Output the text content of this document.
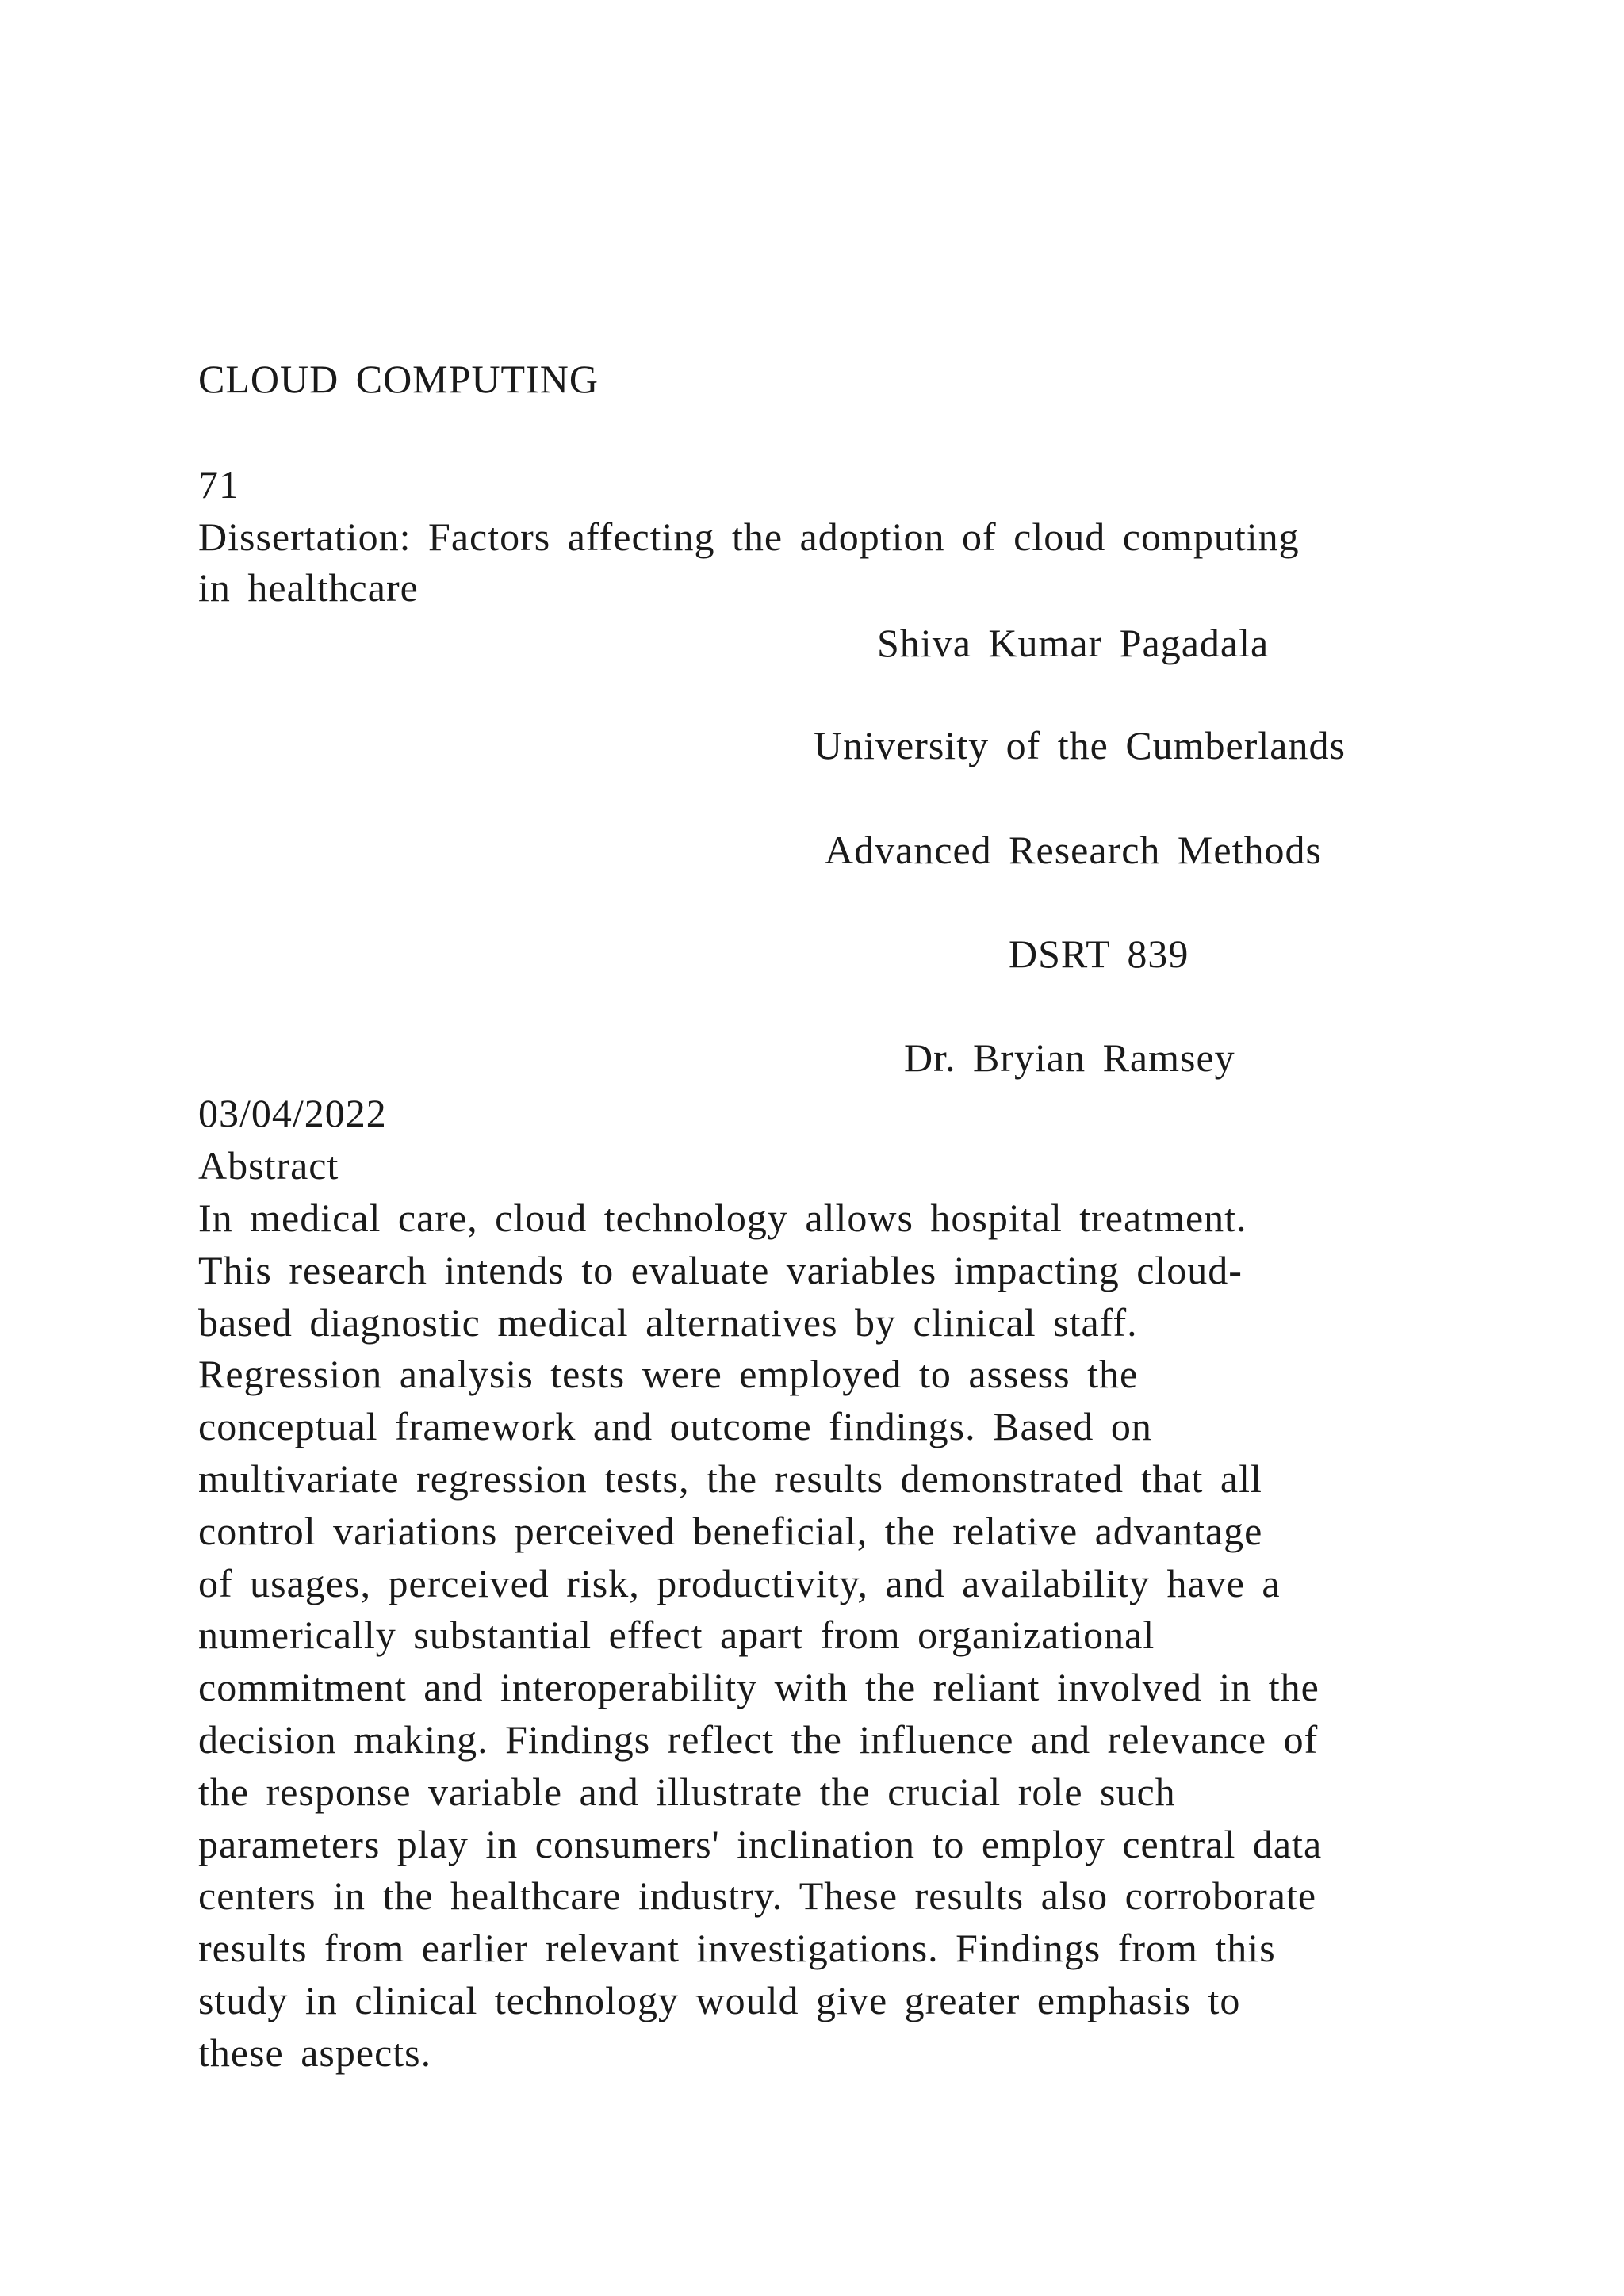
CLOUD COMPUTING
71
Dissertation: Factors affecting the adoption of cloud computing
in healthcare
Shiva Kumar Pagadala
University of the Cumberlands
Advanced Research Methods
DSRT 839
Dr. Bryian Ramsey
03/04/2022
Abstract
In medical care, cloud technology allows hospital treatment.
This research intends to evaluate variables impacting cloud-
based diagnostic medical alternatives by clinical staff.
Regression analysis tests were employed to assess the
conceptual framework and outcome findings. Based on
multivariate regression tests, the results demonstrated that all
control variations perceived beneficial, the relative advantage
of usages, perceived risk, productivity, and availability have a
numerically substantial effect apart from organizational
commitment and interoperability with the reliant involved in the
decision making. Findings reflect the influence and relevance of
the response variable and illustrate the crucial role such
parameters play in consumers' inclination to employ central data
centers in the healthcare industry. These results also corroborate
results from earlier relevant investigations. Findings from this
study in clinical technology would give greater emphasis to
these aspects.
